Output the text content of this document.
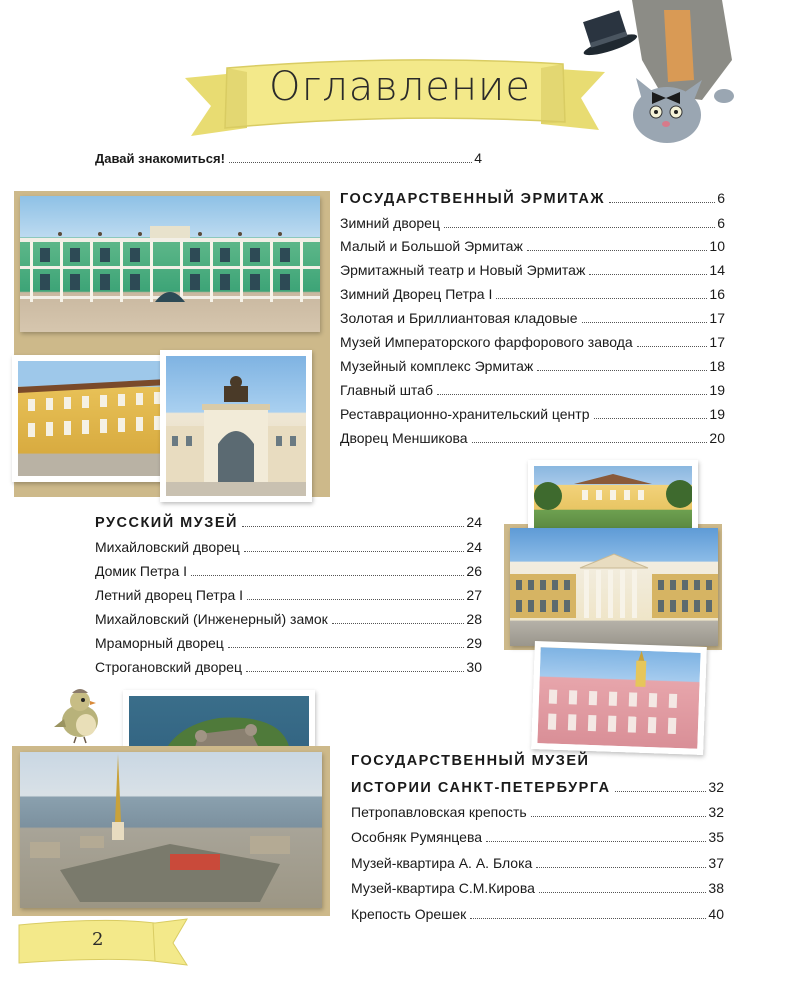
Оглавление
Давай знакомиться!	4
ГОСУДАРСТВЕННЫЙ ЭРМИТАЖ	6
Зимний дворец	6
Малый и Большой Эрмитаж	10
Эрмитажный театр и Новый Эрмитаж	14
Зимний Дворец Петра I	16
Золотая и Бриллиантовая кладовые	17
Музей Императорского фарфорового завода	17
Музейный комплекс Эрмитаж	18
Главный штаб	19
Реставрационно-хранительский центр	19
Дворец Меншикова	20
РУССКИЙ МУЗЕЙ	24
Михайловский дворец	24
Домик Петра I	26
Летний дворец Петра I	27
Михайловский (Инженерный) замок	28
Мраморный дворец	29
Строгановский дворец	30
ГОСУДАРСТВЕННЫЙ МУЗЕЙ
ИСТОРИИ САНКТ-ПЕТЕРБУРГА	32
Петропавловская крепость	32
Особняк Румянцева	35
Музей-квартира А. А. Блока	37
Музей-квартира С.М.Кирова	38
Крепость Орешек	40
2
